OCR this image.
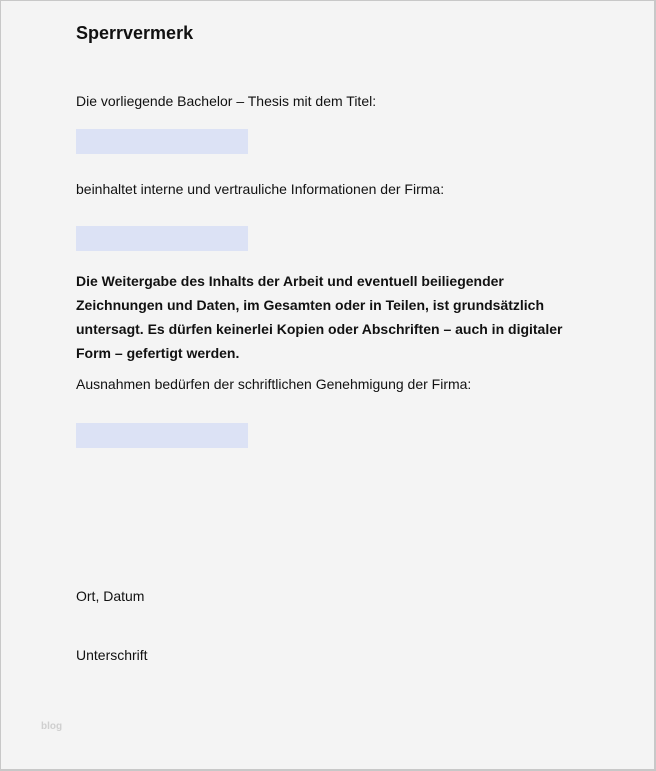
Sperrvermerk
Die vorliegende Bachelor – Thesis mit dem Titel:
beinhaltet interne und vertrauliche Informationen der Firma:
Die Weitergabe des Inhalts der Arbeit und eventuell beiliegender
Zeichnungen und Daten, im Gesamten oder in Teilen, ist grundsätzlich
untersagt. Es dürfen keinerlei Kopien oder Abschriften – auch in digitaler
Form – gefertigt werden.
Ausnahmen bedürfen der schriftlichen Genehmigung der Firma:
Ort, Datum
Unterschrift
blog
